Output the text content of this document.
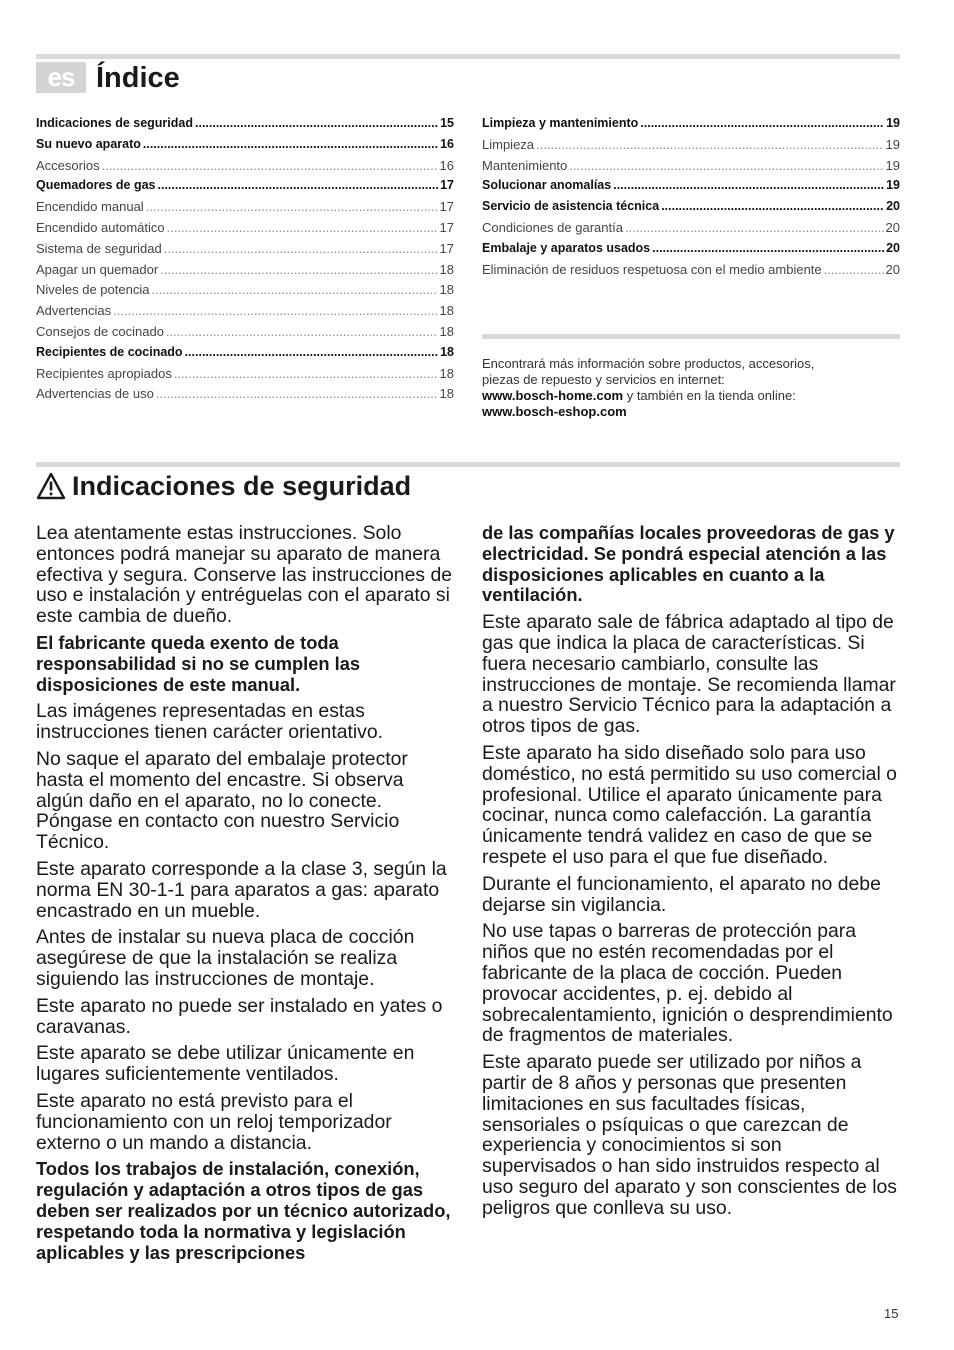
es Índice
Indicaciones de seguridad .....	15
Su nuevo aparato .....	16
Accesorios .....	16
Quemadores de gas .....	17
Encendido manual .....	17
Encendido automático .....	17
Sistema de seguridad .....	17
Apagar un quemador .....	18
Niveles de potencia .....	18
Advertencias .....	18
Consejos de cocinado .....	18
Recipientes de cocinado .....	18
Recipientes apropiados .....	18
Advertencias de uso .....	18
Limpieza y mantenimiento .....	19
Limpieza .....	19
Mantenimiento .....	19
Solucionar anomalías .....	19
Servicio de asistencia técnica .....	20
Condiciones de garantía .....	20
Embalaje y aparatos usados .....	20
Eliminación de residuos respetuosa con el medio ambiente .....	20
Encontrará más información sobre productos, accesorios,
piezas de repuesto y servicios en internet:
www.bosch-home.com y también en la tienda online:
www.bosch-eshop.com
Indicaciones de seguridad

Lea atentamente estas instrucciones. Solo entonces podrá manejar su aparato de manera efectiva y segura. Conserve las instrucciones de uso e instalación y entréguelas con el aparato si este cambia de dueño.

El fabricante queda exento de toda responsabilidad si no se cumplen las disposiciones de este manual.

Las imágenes representadas en estas instrucciones tienen carácter orientativo.

No saque el aparato del embalaje protector hasta el momento del encastre. Si observa algún daño en el aparato, no lo conecte. Póngase en contacto con nuestro Servicio Técnico.

Este aparato corresponde a la clase 3, según la norma EN 30-1-1 para aparatos a gas: aparato encastrado en un mueble.

Antes de instalar su nueva placa de cocción asegúrese de que la instalación se realiza siguiendo las instrucciones de montaje.

Este aparato no puede ser instalado en yates o caravanas.

Este aparato se debe utilizar únicamente en lugares suficientemente ventilados.

Este aparato no está previsto para el funcionamiento con un reloj temporizador externo o un mando a distancia.

Todos los trabajos de instalación, conexión, regulación y adaptación a otros tipos de gas deben ser realizados por un técnico autorizado, respetando toda la normativa y legislación aplicables y las prescripciones

de las compañías locales proveedoras de gas y electricidad. Se pondrá especial atención a las disposiciones aplicables en cuanto a la ventilación.

Este aparato sale de fábrica adaptado al tipo de gas que indica la placa de características. Si fuera necesario cambiarlo, consulte las instrucciones de montaje. Se recomienda llamar a nuestro Servicio Técnico para la adaptación a otros tipos de gas.

Este aparato ha sido diseñado solo para uso doméstico, no está permitido su uso comercial o profesional. Utilice el aparato únicamente para cocinar, nunca como calefacción. La garantía únicamente tendrá validez en caso de que se respete el uso para el que fue diseñado.

Durante el funcionamiento, el aparato no debe dejarse sin vigilancia.

No use tapas o barreras de protección para niños que no estén recomendadas por el fabricante de la placa de cocción. Pueden provocar accidentes, p. ej. debido al sobrecalentamiento, ignición o desprendimiento de fragmentos de materiales.

Este aparato puede ser utilizado por niños a partir de 8 años y personas que presenten limitaciones en sus facultades físicas, sensoriales o psíquicas o que carezcan de experiencia y conocimientos si son supervisados o han sido instruidos respecto al uso seguro del aparato y son conscientes de los peligros que conlleva su uso.

15
